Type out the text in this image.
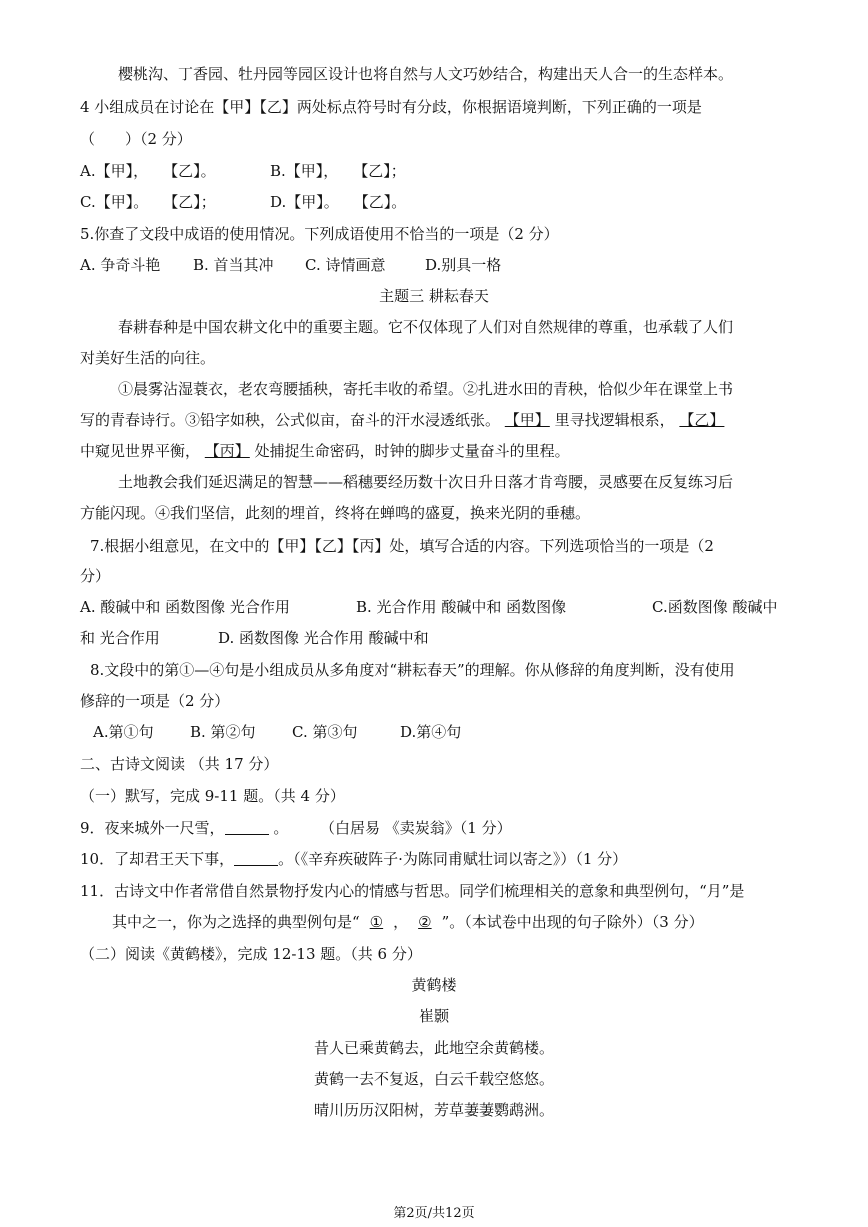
樱桃沟、丁香园、牡丹园等园区设计也将自然与人文巧妙结合，构建出天人合一的生态样本。
4 小组成员在讨论在【甲】【乙】两处标点符号时有分歧，你根据语境判断，下列正确的一项是
（　　）（2 分）
A.【甲】，　　【乙】。	B.【甲】，　　【乙】；
C.【甲】。　　【乙】；	D.【甲】。　　【乙】。
5.你查了文段中成语的使用情况。下列成语使用不恰当的一项是（2 分）
A. 争奇斗艳 B. 首当其冲 C. 诗情画意	D.别具一格
主题三 耕耘春天
春耕春种是中国农耕文化中的重要主题。它不仅体现了人们对自然规律的尊重，也承载了人们
对美好生活的向往。
①晨雾沾湿蓑衣，老农弯腰插秧，寄托丰收的希望。②扎进水田的青秧，恰似少年在课堂上书
写的青春诗行。③铅字如秧，公式似亩，奋斗的汗水浸透纸张。 【甲】 里寻找逻辑根系， 【乙】
中窥见世界平衡， 【丙】 处捕捉生命密码，时钟的脚步丈量奋斗的里程。
土地教会我们延迟满足的智慧——稻穗要经历数十次日升日落才肯弯腰，灵感要在反复练习后
方能闪现。④我们坚信，此刻的埋首，终将在蝉鸣的盛夏，换来光阴的垂穗。
7.根据小组意见，在文中的【甲】【乙】【丙】处，填写合适的内容。下列选项恰当的一项是（2
分）
A. 酸碱中和 函数图像 光合作用	B. 光合作用 酸碱中和 函数图像	C.函数图像 酸碱中
和 光合作用	D. 函数图像 光合作用 酸碱中和
8.文段中的第①—④句是小组成员从多角度对“耕耘春天”的理解。你从修辞的角度判断，没有使用
修辞的一项是（2 分）
A.第①句 B. 第②句 C. 第③句	D.第④句
二、古诗文阅读 （共 17 分）
（一）默写，完成 9-11 题。（共 4 分）
9．夜来城外一尺雪，	。 （白居易 《卖炭翁》（1 分）
10．了却君王天下事，	。（《辛弃疾破阵子·为陈同甫赋壮词以寄之》）（1 分）
11．古诗文中作者常借自然景物抒发内心的情感与哲思。同学们梳理相关的意象和典型例句，“月”是
其中之一，你为之选择的典型例句是“ ① ， ② ”。（本试卷中出现的句子除外）（3 分）
（二）阅读《黄鹤楼》，完成 12-13 题。（共 6 分）
黄鹤楼
崔颢
昔人已乘黄鹤去，此地空余黄鹤楼。
黄鹤一去不复返，白云千载空悠悠。
晴川历历汉阳树，芳草萋萋鹦鹉洲。
第2页/共12页
